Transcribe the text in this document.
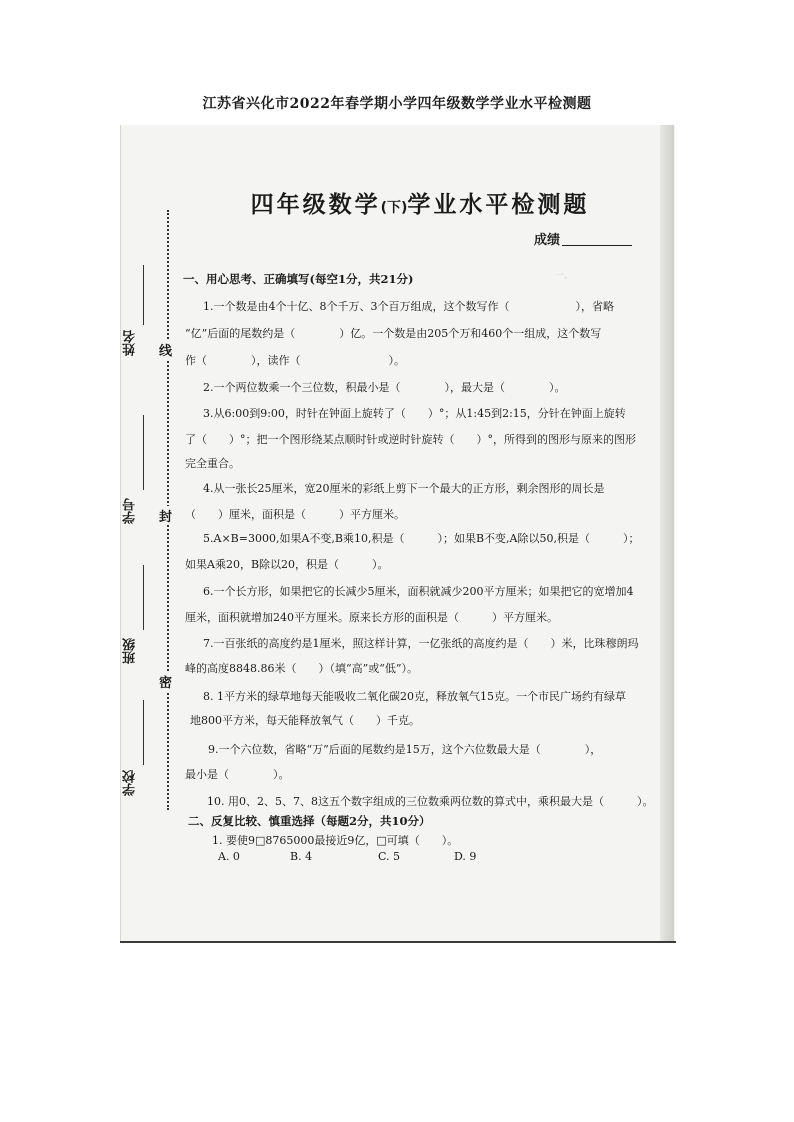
江苏省兴化市2022年春学期小学四年级数学学业水平检测题
线
封
密
姓名
学号
班级
学校
一、　　　　　　　　

四年级数学(下)学业水平检测题
成绩
一、用心思考、正确填写(每空1分，共21分)
1.一个数是由4个十亿、8个千万、3个百万组成，这个数写作（　　　　　　），省略
“亿”后面的尾数约是（　　　　）亿。一个数是由205个万和460个一组成，这个数写
作（　　　　），读作（　　　　　　　　）。
2.一个两位数乘一个三位数，积最小是（　　　　），最大是（　　　　）。
3.从6:00到9:00，时针在钟面上旋转了（　　）°；从1:45到2:15，分针在钟面上旋转
了（　　）°；把一个图形绕某点顺时针或逆时针旋转（　　）°，所得到的图形与原来的图形
完全重合。
4.从一张长25厘米，宽20厘米的彩纸上剪下一个最大的正方形，剩余图形的周长是
（　　）厘米，面积是（　　　）平方厘米。
5.A×B=3000,如果A不变,B乘10,积是（　　　）；如果B不变,A除以50,积是（　　　）；
如果A乘20，B除以20，积是（　　　）。
6.一个长方形，如果把它的长减少5厘米，面积就减少200平方厘米；如果把它的宽增加4
厘米，面积就增加240平方厘米。原来长方形的面积是（　　　）平方厘米。
7.一百张纸的高度约是1厘米，照这样计算，一亿张纸的高度约是（　　）米，比珠穆朗玛
峰的高度8848.86米（　　）（填“高”或“低”）。
8. 1平方米的绿草地每天能吸收二氧化碳20克，释放氧气15克。一个市民广场约有绿草
地800平方米，每天能释放氧气（　　）千克。
9.一个六位数，省略“万”后面的尾数约是15万，这个六位数最大是（　　　　），
最小是（　　　　）。
10. 用0、2、5、7、8这五个数字组成的三位数乘两位数的算式中，乘积最大是（　　　）。
二、反复比较、慎重选择（每题2分，共10分）
1. 要使9□8765000最接近9亿，□可填（　　）。
A. 0	B. 4	C. 5	D. 9
